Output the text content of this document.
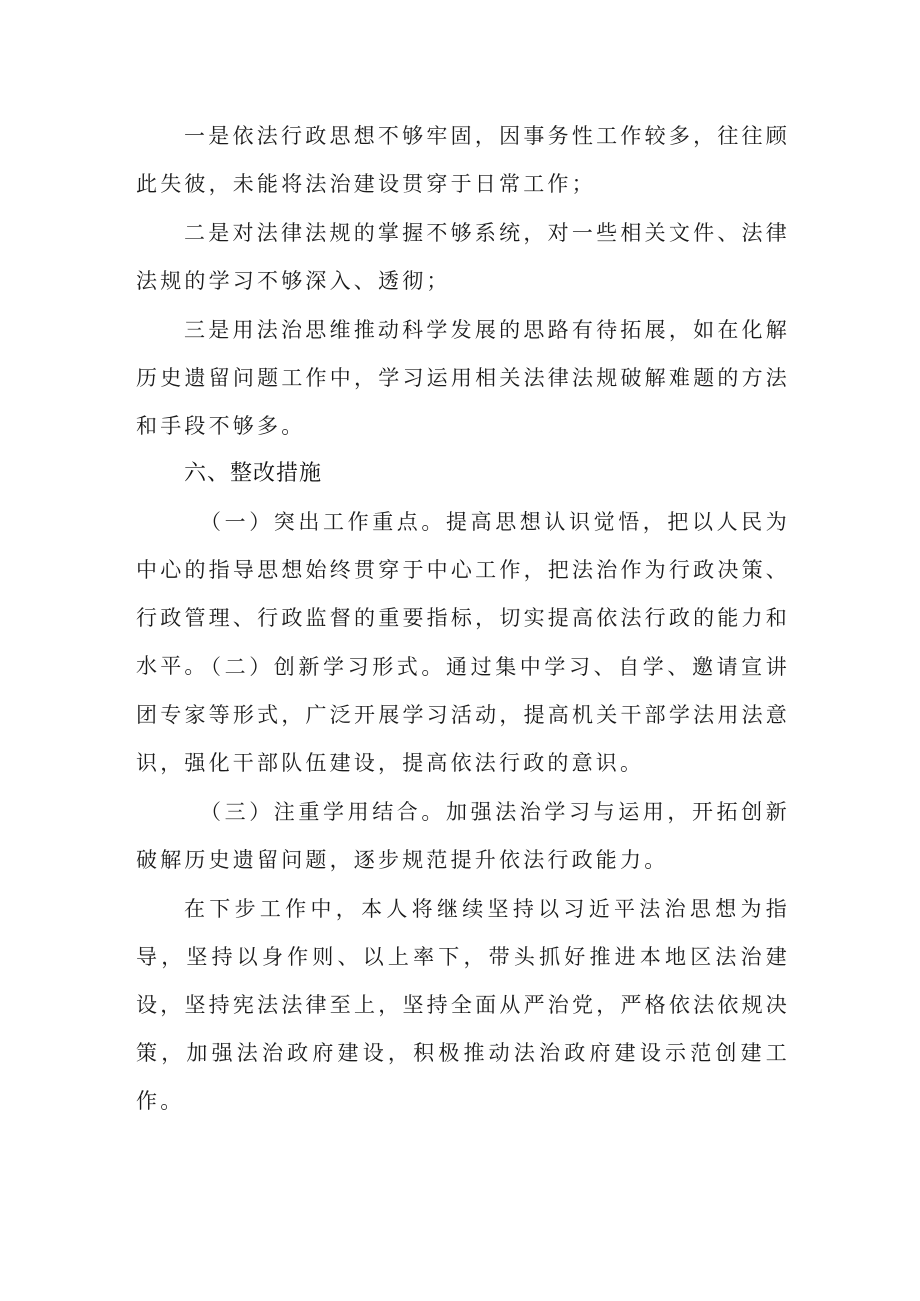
一是依法行政思想不够牢固，因事务性工作较多，往往顾此失彼，未能将法治建设贯穿于日常工作；

二是对法律法规的掌握不够系统，对一些相关文件、法律法规的学习不够深入、透彻；

三是用法治思维推动科学发展的思路有待拓展，如在化解历史遗留问题工作中，学习运用相关法律法规破解难题的方法和手段不够多。

六、整改措施

（一）突出工作重点。提高思想认识觉悟，把以人民为中心的指导思想始终贯穿于中心工作，把法治作为行政决策、行政管理、行政监督的重要指标，切实提高依法行政的能力和水平。

（二）创新学习形式。通过集中学习、自学、邀请宣讲团专家等形式，广泛开展学习活动，提高机关干部学法用法意识，强化干部队伍建设，提高依法行政的意识。

（三）注重学用结合。加强法治学习与运用，开拓创新破解历史遗留问题，逐步规范提升依法行政能力。

在下步工作中，本人将继续坚持以习近平法治思想为指导，坚持以身作则、以上率下，带头抓好推进本地区法治建设，坚持宪法法律至上，坚持全面从严治党，严格依法依规决策，加强法治政府建设，积极推动法治政府建设示范创建工作。
